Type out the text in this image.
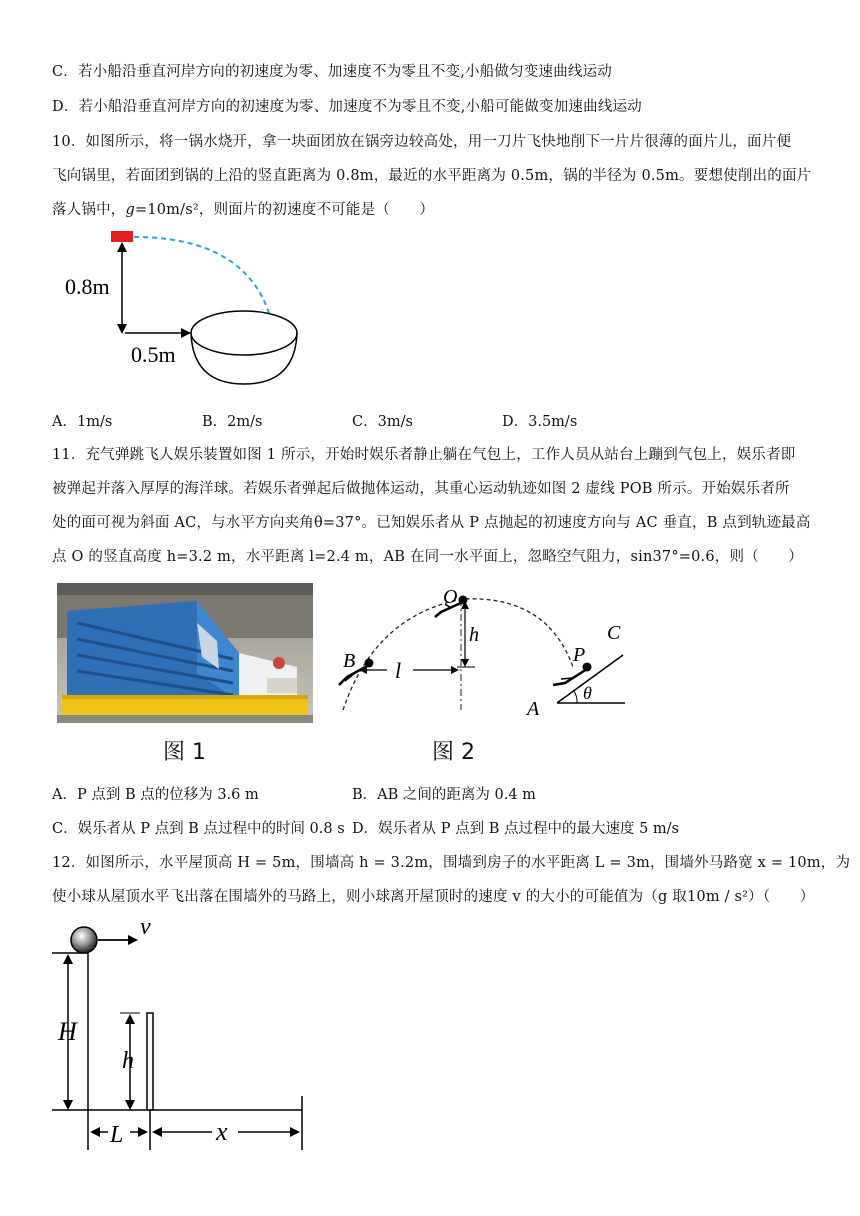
C．若小船沿垂直河岸方向的初速度为零、加速度不为零且不变,小船做匀变速曲线运动
D．若小船沿垂直河岸方向的初速度为零、加速度不为零且不变,小船可能做变加速曲线运动
10．如图所示，将一锅水烧开，拿一块面团放在锅旁边较高处，用一刀片飞快地削下一片片很薄的面片儿，面片便
飞向锅里，若面团到锅的上沿的竖直距离为 0.8m，最近的水平距离为 0.5m，锅的半径为 0.5m。要想使削出的面片
落人锅中，g=10m/s²，则面片的初速度不可能是（　　）
0.8m
0.5m
A．1m/s	B．2m/s	C．3m/s	D．3.5m/s
11．充气弹跳飞人娱乐装置如图 1 所示，开始时娱乐者静止躺在气包上，工作人员从站台上蹦到气包上，娱乐者即
被弹起并落入厚厚的海洋球。若娱乐者弹起后做抛体运动，其重心运动轨迹如图 2 虚线 POB 所示。开始娱乐者所
处的面可视为斜面 AC，与水平方向夹角θ=37°。已知娱乐者从 P 点抛起的初速度方向与 AC 垂直，B 点到轨迹最高
点 O 的竖直高度 h=3.2 m，水平距离 l=2.4 m，AB 在同一水平面上，忽略空气阻力，sin37°=0.6，则（　　）
图 1
h
l
O
B
θ
A
C
P
图 2
A．P 点到 B 点的位移为 3.6 m	B．AB 之间的距离为 0.4 m
C．娱乐者从 P 点到 B 点过程中的时间 0.8 s D．娱乐者从 P 点到 B 点过程中的最大速度 5 m/s
12．如图所示，水平屋顶高 H = 5m，围墙高 h = 3.2m，围墙到房子的水平距离 L = 3m，围墙外马路宽 x = 10m，为
使小球从屋顶水平飞出落在围墙外的马路上，则小球离开屋顶时的速度 v 的大小的可能值为（g 取10m / s²）（　　）
v
H
h
L	x
